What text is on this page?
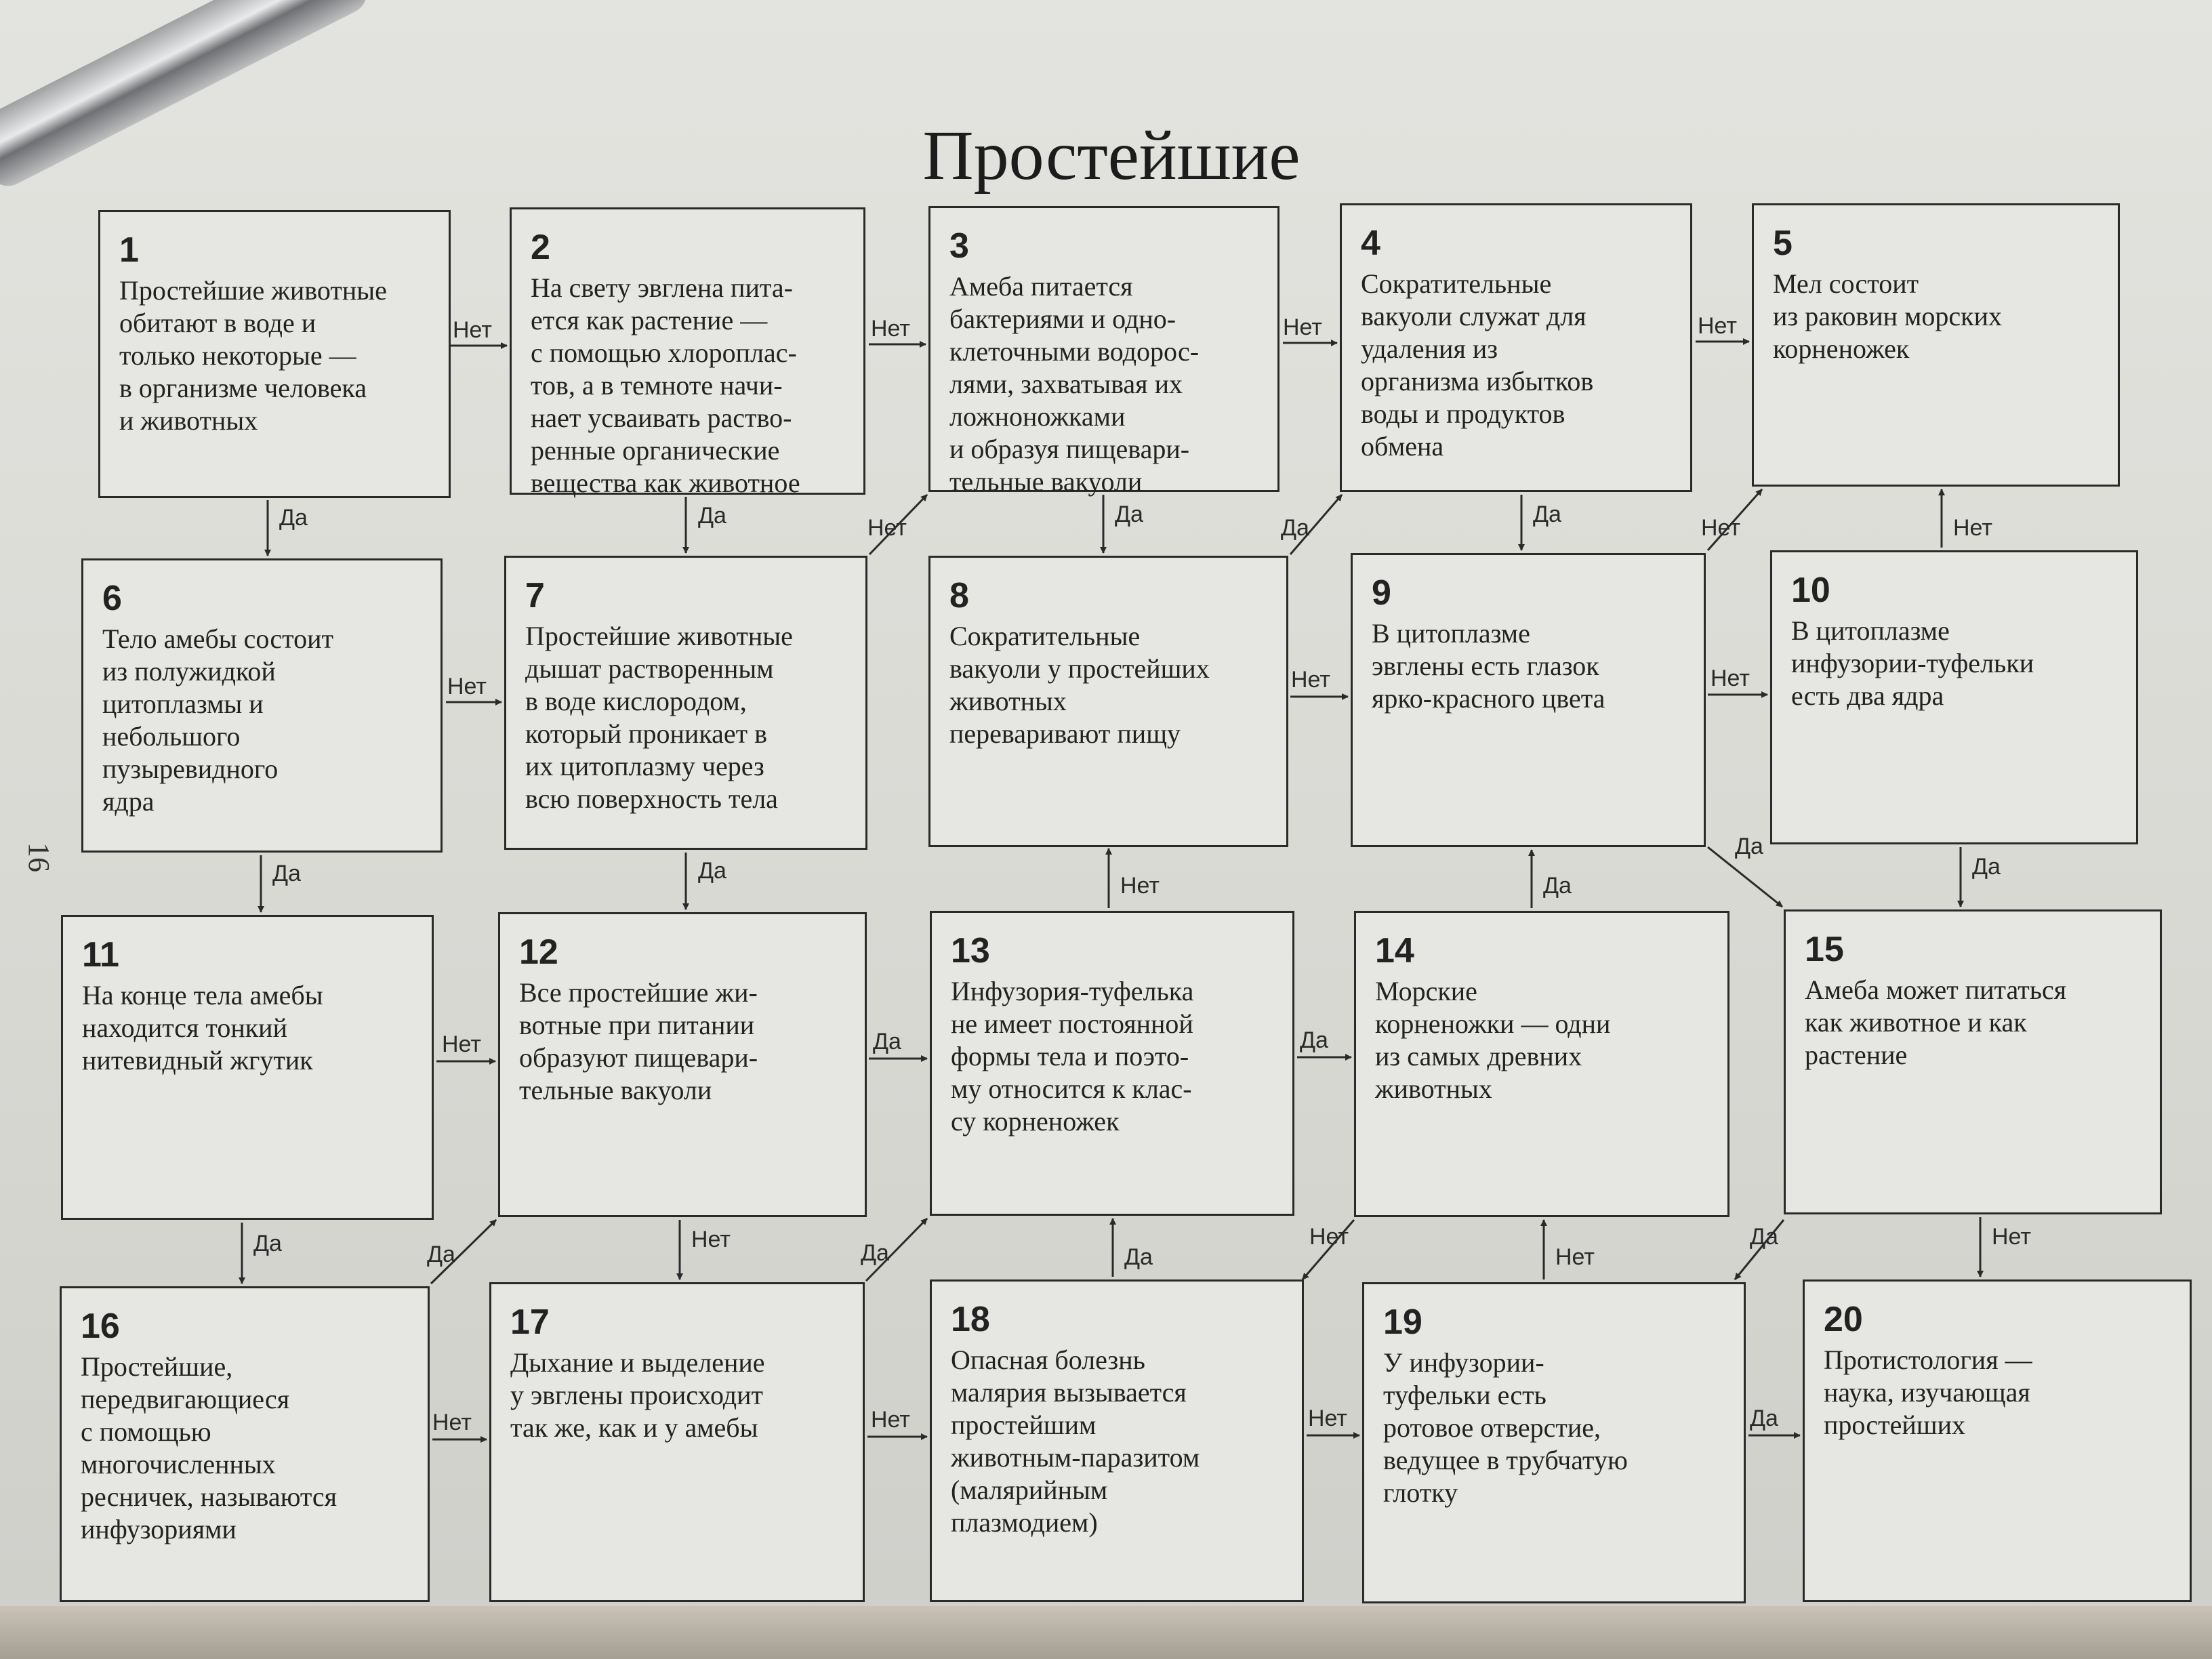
Простейшие
16
1
Простейшие животные
обитают в воде и
только некоторые —
в организме человека
и животных
2
На свету эвглена пита-
ется как растение —
с помощью хлороплас-
тов, а в темноте начи-
нает усваивать раство-
ренные органические
вещества как животное
3
Амеба питается
бактериями и одно-
клеточными водорос-
лями, захватывая их
ложноножками
и образуя пищевари-
тельные вакуоли
4
Сократительные
вакуоли служат для
удаления из
организма избытков
воды и продуктов
обмена
5
Мел состоит
из раковин морских
корненожек
6
Тело амебы состоит
из полужидкой
цитоплазмы и
небольшого
пузыревидного
ядра
7
Простейшие животные
дышат растворенным
в воде кислородом,
который проникает в
их цитоплазму через
всю поверхность тела
8
Сократительные
вакуоли у простейших
животных
переваривают пищу
9
В цитоплазме
эвглены есть глазок
ярко-красного цвета
10
В цитоплазме
инфузории-туфельки
есть два ядра
11
На конце тела амебы
находится тонкий
нитевидный жгутик
12
Все простейшие жи-
вотные при питании
образуют пищевари-
тельные вакуоли
13
Инфузория-туфелька
не имеет постоянной
формы тела и поэто-
му относится к клас-
су корненожек
14
Морские
корненожки — одни
из самых древних
животных
15
Амеба может питаться
как животное и как
растение
16
Простейшие,
передвигающиеся
с помощью
многочисленных
ресничек, называются
инфузориями
17
Дыхание и выделение
у эвглены происходит
так же, как и у амебы
18
Опасная болезнь
малярия вызывается
простейшим
животным-паразитом
(малярийным
плазмодием)
19
У инфузории-
туфельки есть
ротовое отверстие,
ведущее в трубчатую
глотку
20
Протистология —
наука, изучающая
простейших
Нет
Да
Нет
Да
Нет
Да
Нет
Да
Нет
Да
Нет
Да
Да
Нет
Нет
Нет
Нет
Да
Нет
Да
Да
Нет
Нет
Да
Да
Да
Нет
Да
Да
Нет
Да
Нет
Да
Нет
Нет
Нет
Да
